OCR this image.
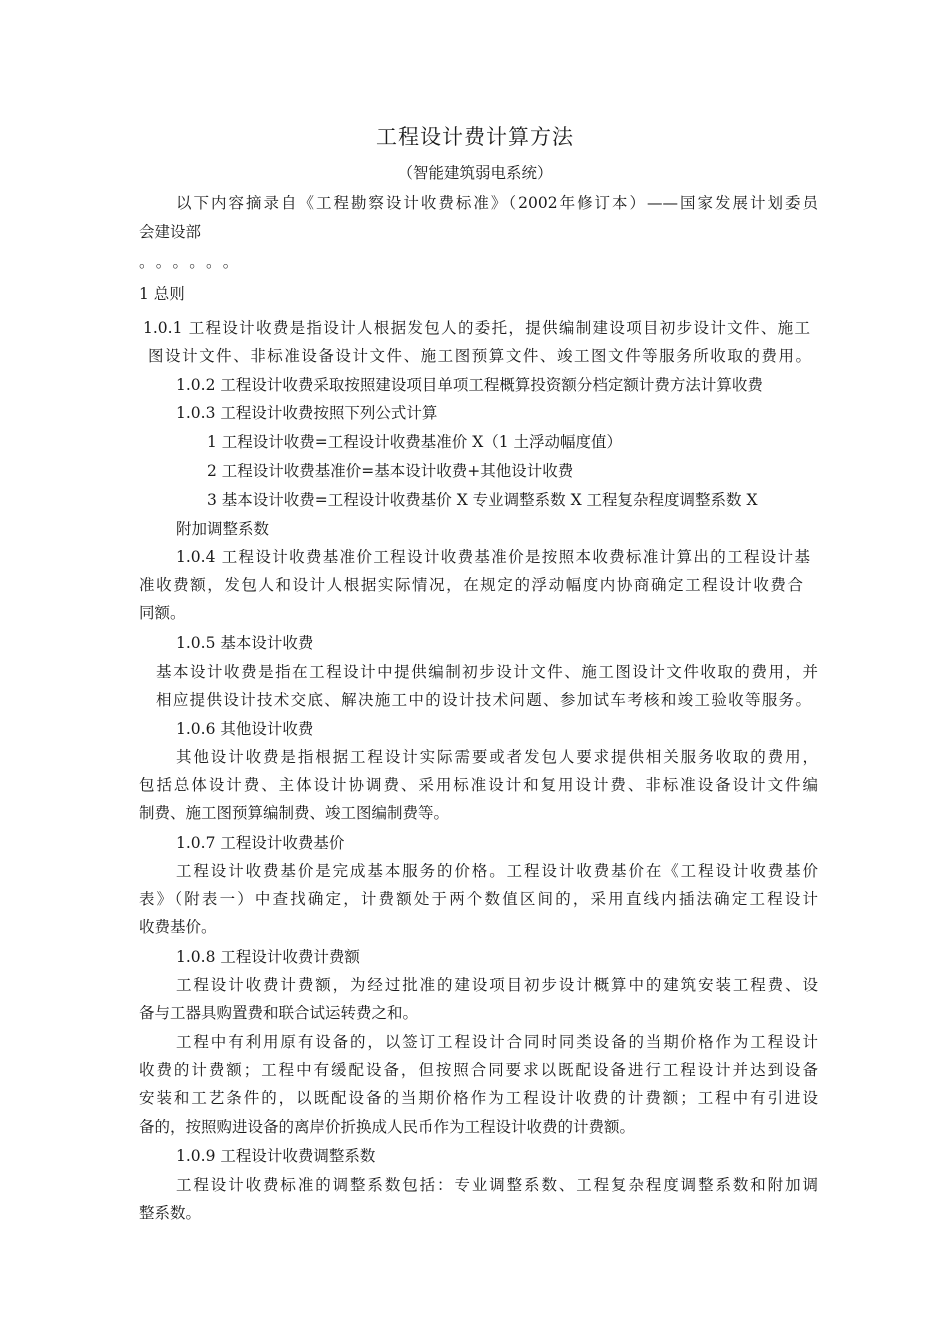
工程设计费计算方法
（智能建筑弱电系统）
以下内容摘录自《工程勘察设计收费标准》（2002年修订本）——国家发展计划委员
会建设部
。。。。。。
1 总则
1.0.1 工程设计收费是指设计人根据发包人的委托，提供编制建设项目初步设计文件、施工
图设计文件、非标准设备设计文件、施工图预算文件、竣工图文件等服务所收取的费用。
1.0.2 工程设计收费采取按照建设项目单项工程概算投资额分档定额计费方法计算收费
1.0.3 工程设计收费按照下列公式计算
1 工程设计收费=工程设计收费基准价 X（1 土浮动幅度值）
2 工程设计收费基准价=基本设计收费+其他设计收费
3 基本设计收费=工程设计收费基价 X 专业调整系数 X 工程复杂程度调整系数 X
附加调整系数
1.0.4 工程设计收费基准价工程设计收费基准价是按照本收费标准计算出的工程设计基
准收费额，发包人和设计人根据实际情况，在规定的浮动幅度内协商确定工程设计收费合
同额。
1.0.5 基本设计收费
基本设计收费是指在工程设计中提供编制初步设计文件、施工图设计文件收取的费用，并
相应提供设计技术交底、解决施工中的设计技术问题、参加试车考核和竣工验收等服务。
1.0.6 其他设计收费
其他设计收费是指根据工程设计实际需要或者发包人要求提供相关服务收取的费用，
包括总体设计费、主体设计协调费、采用标准设计和复用设计费、非标准设备设计文件编
制费、施工图预算编制费、竣工图编制费等。
1.0.7 工程设计收费基价
工程设计收费基价是完成基本服务的价格。工程设计收费基价在《工程设计收费基价
表》（附表一）中查找确定，计费额处于两个数值区间的，采用直线内插法确定工程设计
收费基价。
1.0.8 工程设计收费计费额
工程设计收费计费额，为经过批准的建设项目初步设计概算中的建筑安装工程费、设
备与工器具购置费和联合试运转费之和。
工程中有利用原有设备的，以签订工程设计合同时同类设备的当期价格作为工程设计
收费的计费额；工程中有缓配设备，但按照合同要求以既配设备进行工程设计并达到设备
安装和工艺条件的，以既配设备的当期价格作为工程设计收费的计费额；工程中有引进设
备的，按照购进设备的离岸价折换成人民币作为工程设计收费的计费额。
1.0.9 工程设计收费调整系数
工程设计收费标准的调整系数包括：专业调整系数、工程复杂程度调整系数和附加调
整系数。
